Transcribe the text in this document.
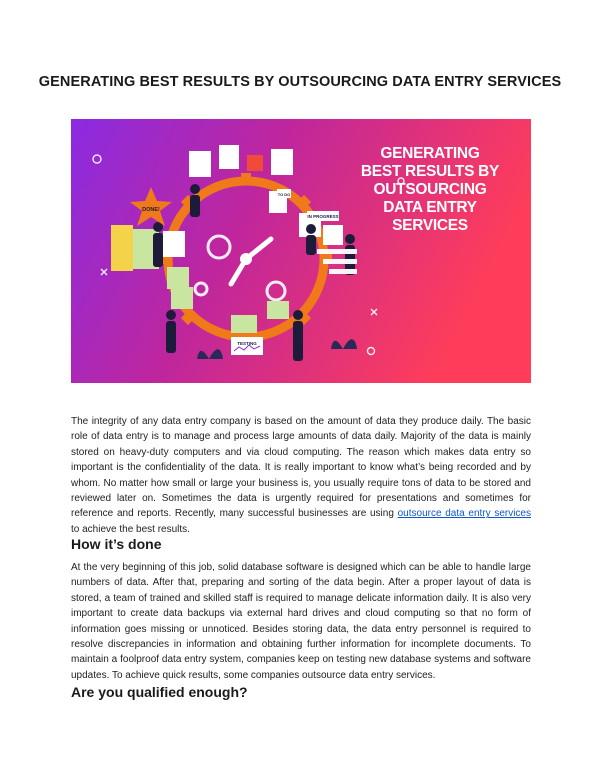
GENERATING BEST RESULTS BY OUTSOURCING DATA ENTRY SERVICES
DONE!
IN PROGRESS
TO DO
TESTING
GENERATING
BEST RESULTS BY
OUTSOURCING
DATA ENTRY
SERVICES
The integrity of any data entry company is based on the amount of data they produce daily. The basic role of data entry is to manage and process large amounts of data daily. Majority of the data is mainly stored on heavy-duty computers and via cloud computing. The reason which makes data entry so important is the confidentiality of the data. It is really important to know what’s being recorded and by whom. No matter how small or large your business is, you usually require tons of data to be stored and reviewed later on. Sometimes the data is urgently required for presentations and sometimes for reference and reports. Recently, many successful businesses are using outsource data entry services to achieve the best results.
How it’s done
At the very beginning of this job, solid database software is designed which can be able to handle large numbers of data. After that, preparing and sorting of the data begin. After a proper layout of data is stored, a team of trained and skilled staff is required to manage delicate information daily. It is also very important to create data backups via external hard drives and cloud computing so that no form of information goes missing or unnoticed. Besides storing data, the data entry personnel is required to resolve discrepancies in information and obtaining further information for incomplete documents. To maintain a foolproof data entry system, companies keep on testing new database systems and software updates. To achieve quick results, some companies outsource data entry services.
Are you qualified enough?
